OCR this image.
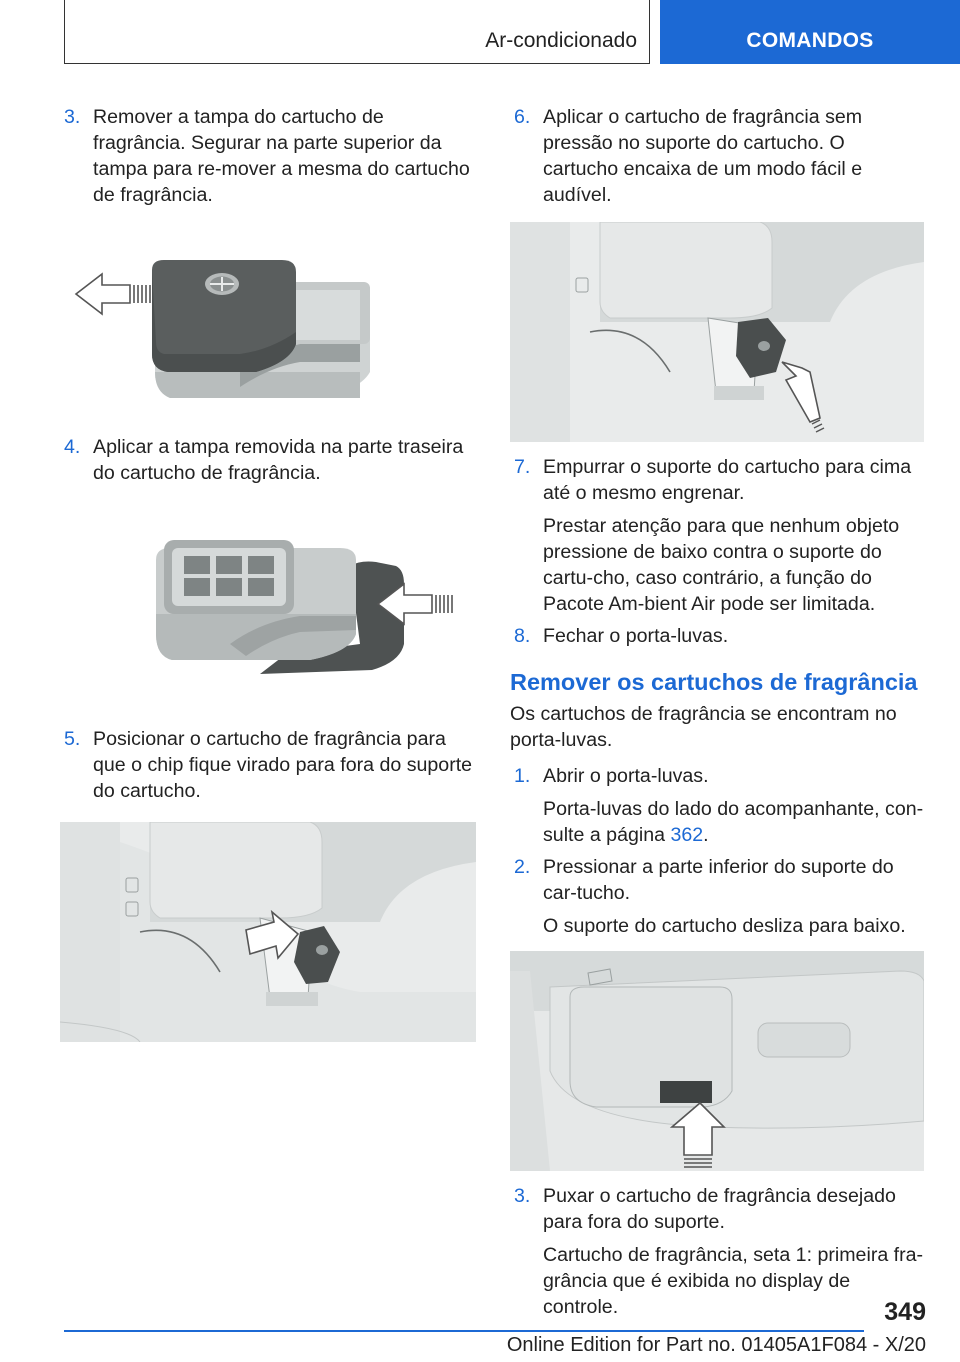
Ar-condicionado	COMANDOS
3. Remover a tampa do cartucho de fragrância. Segurar na parte superior da tampa para re-mover a mesma do cartucho de fragrância.

4. Aplicar a tampa removida na parte traseira do cartucho de fragrância.

5. Posicionar o cartucho de fragrância para que o chip fique virado para fora do suporte do cartucho.

6. Aplicar o cartucho de fragrância sem pressão no suporte do cartucho. O cartucho encaixa de um modo fácil e audível.

7. Empurrar o suporte do cartucho para cima até o mesmo engrenar.

Prestar atenção para que nenhum objeto pressione de baixo contra o suporte do cartu-cho, caso contrário, a função do Pacote Am-bient Air pode ser limitada.

8. Fechar o porta-luvas.

Remover os cartuchos de fragrância

Os cartuchos de fragrância se encontram no porta-luvas.

1. Abrir o porta-luvas.

Porta-luvas do lado do acompanhante, con-sulte a página 362.

2. Pressionar a parte inferior do suporte do car-tucho.

O suporte do cartucho desliza para baixo.

3. Puxar o cartucho de fragrância desejado para fora do suporte.

Cartucho de fragrância, seta 1: primeira fra-grância que é exibida no display de controle.	349
Online Edition for Part no. 01405A1F084 - X/20
